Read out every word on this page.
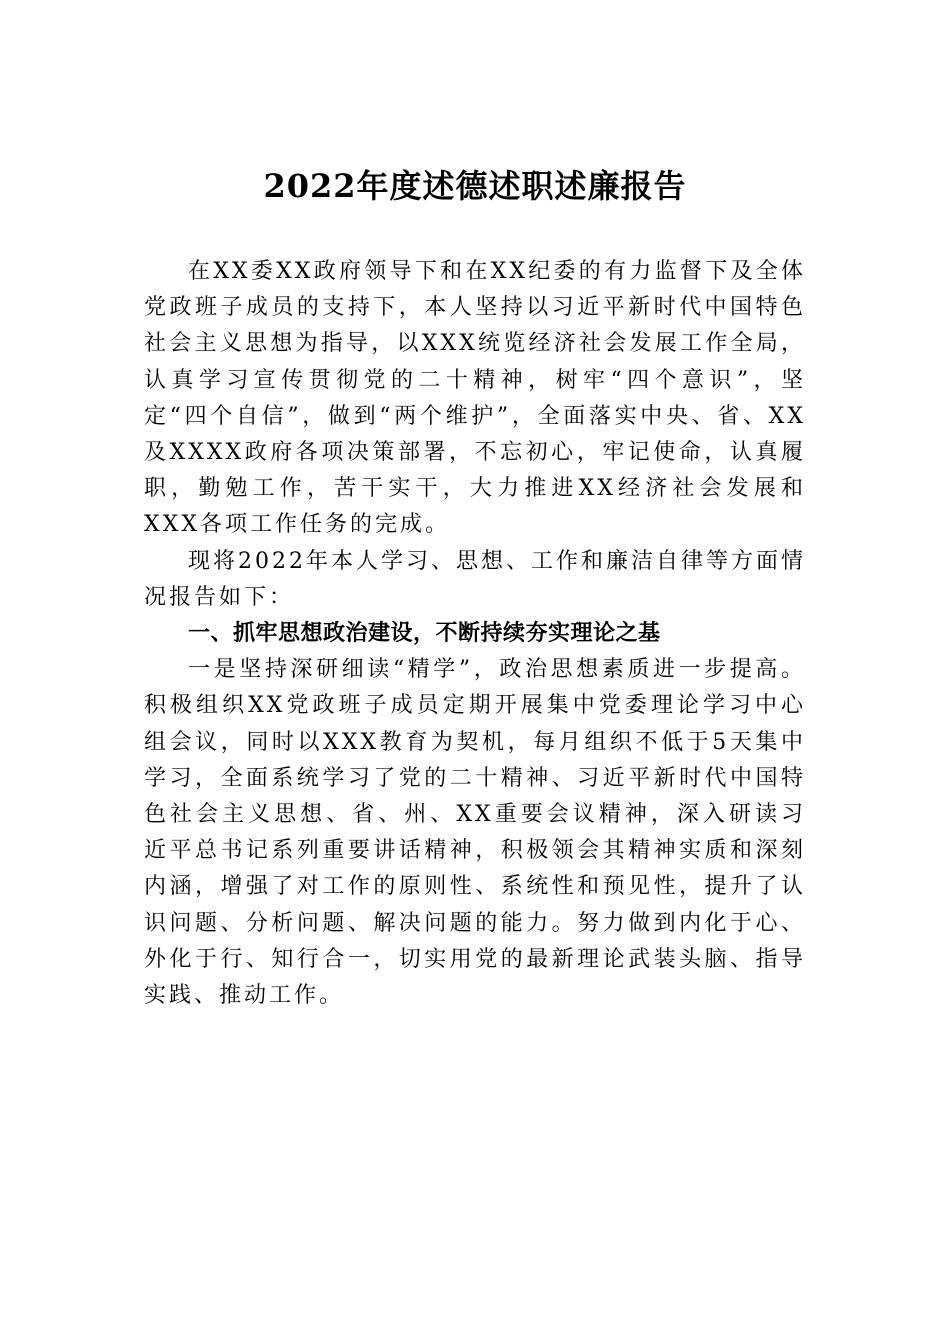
2022年度述德述职述廉报告

在XX委XX政府领导下和在XX纪委的有力监督下及全体党政班子成员的支持下，本人坚持以习近平新时代中国特色社会主义思想为指导，以XXX统览经济社会发展工作全局，认真学习宣传贯彻党的二十精神，树牢“四个意识”，坚定“四个自信”，做到“两个维护”，全面落实中央、省、XX及XXXX政府各项决策部署，不忘初心，牢记使命，认真履职，勤勉工作，苦干实干，大力推进XX经济社会发展和XXX各项工作任务的完成。

现将2022年本人学习、思想、工作和廉洁自律等方面情况报告如下：

一、抓牢思想政治建设，不断持续夯实理论之基

一是坚持深研细读“精学”，政治思想素质进一步提高。积极组织XX党政班子成员定期开展集中党委理论学习中心组会议，同时以XXX教育为契机，每月组织不低于5天集中学习，全面系统学习了党的二十精神、习近平新时代中国特色社会主义思想、省、州、XX重要会议精神，深入研读习近平总书记系列重要讲话精神，积极领会其精神实质和深刻内涵，增强了对工作的原则性、系统性和预见性，提升了认识问题、分析问题、解决问题的能力。努力做到内化于心、外化于行、知行合一，切实用党的最新理论武装头脑、指导实践、推动工作。
